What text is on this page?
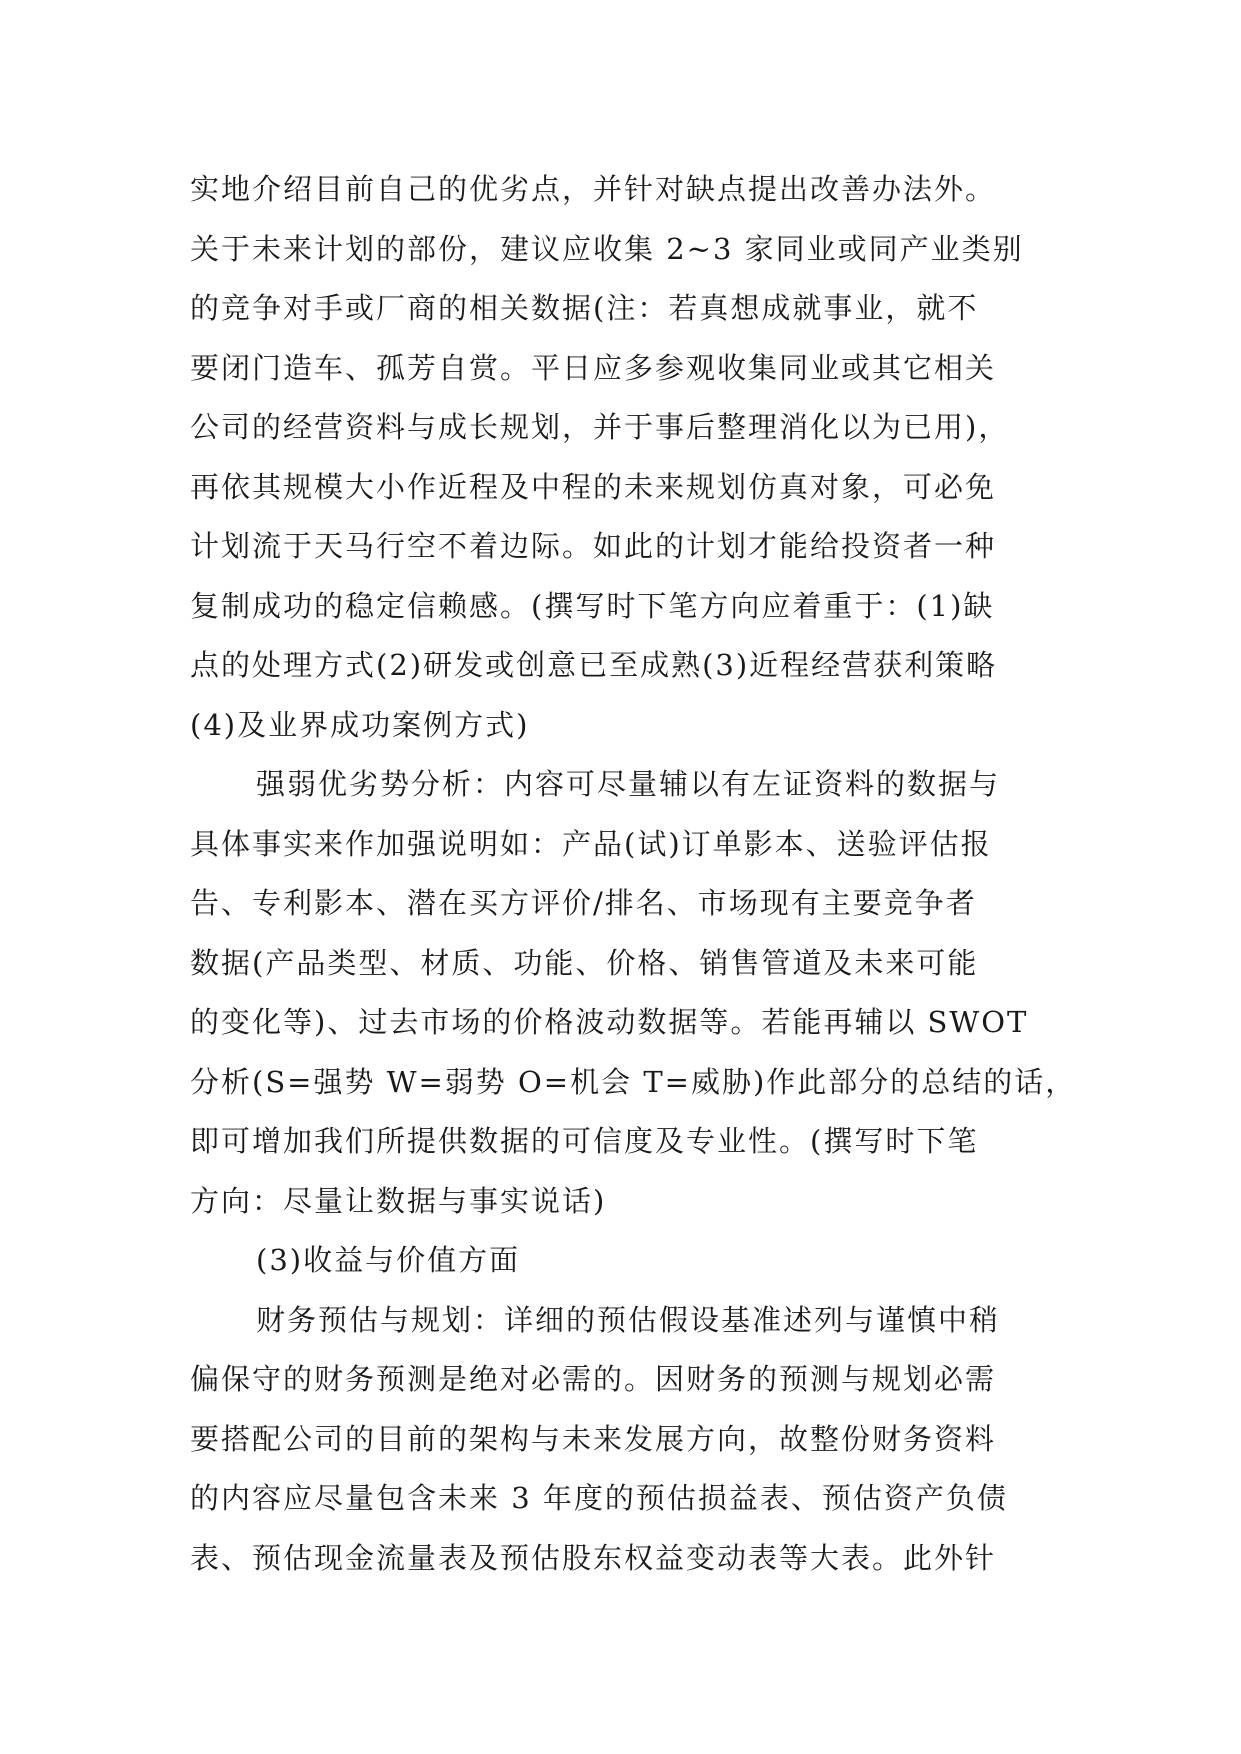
实地介绍目前自己的优劣点，并针对缺点提出改善办法外。
关于未来计划的部份，建议应收集 2~3 家同业或同产业类别
的竞争对手或厂商的相关数据(注：若真想成就事业，就不
要闭门造车、孤芳自赏。平日应多参观收集同业或其它相关
公司的经营资料与成长规划，并于事后整理消化以为已用)，
再依其规模大小作近程及中程的未来规划仿真对象，可必免
计划流于天马行空不着边际。如此的计划才能给投资者一种
复制成功的稳定信赖感。(撰写时下笔方向应着重于：(1)缺
点的处理方式(2)研发或创意已至成熟(3)近程经营获利策略
(4)及业界成功案例方式)
强弱优劣势分析：内容可尽量辅以有左证资料的数据与
具体事实来作加强说明如：产品(试)订单影本、送验评估报
告、专利影本、潜在买方评价/排名、市场现有主要竞争者
数据(产品类型、材质、功能、价格、销售管道及未来可能
的变化等)、过去市场的价格波动数据等。若能再辅以 SWOT
分析(S=强势 W=弱势 O=机会 T=威胁)作此部分的总结的话，
即可增加我们所提供数据的可信度及专业性。(撰写时下笔
方向：尽量让数据与事实说话)
(3)收益与价值方面
财务预估与规划：详细的预估假设基准述列与谨慎中稍
偏保守的财务预测是绝对必需的。因财务的预测与规划必需
要搭配公司的目前的架构与未来发展方向，故整份财务资料
的内容应尽量包含未来 3 年度的预估损益表、预估资产负债
表、预估现金流量表及预估股东权益变动表等大表。此外针
